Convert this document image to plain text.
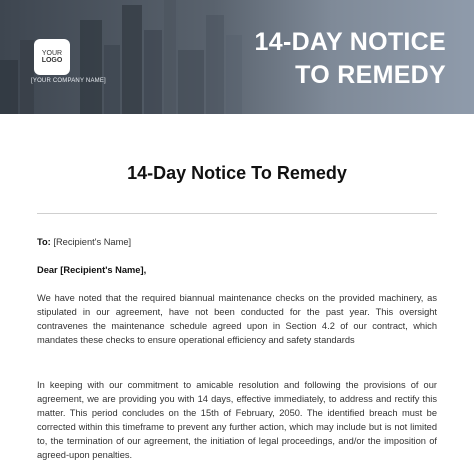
YOUR
LOGO
[YOUR COMPANY NAME]
14-DAY NOTICE
TO REMEDY
14-Day Notice To Remedy
To: [Recipient's Name]
Dear [Recipient's Name],
We have noted that the required biannual maintenance checks on the provided machinery, as stipulated in our agreement, have not been conducted for the past year. This oversight contravenes the maintenance schedule agreed upon in Section 4.2 of our contract, which mandates these checks to ensure operational efficiency and safety standards
In keeping with our commitment to amicable resolution and following the provisions of our agreement, we are providing you with 14 days, effective immediately, to address and rectify this matter. This period concludes on the 15th of February, 2050. The identified breach must be corrected within this timeframe to prevent any further action, which may include but is not limited to, the termination of our agreement, the initiation of legal proceedings, and/or the imposition of agreed-upon penalties.
